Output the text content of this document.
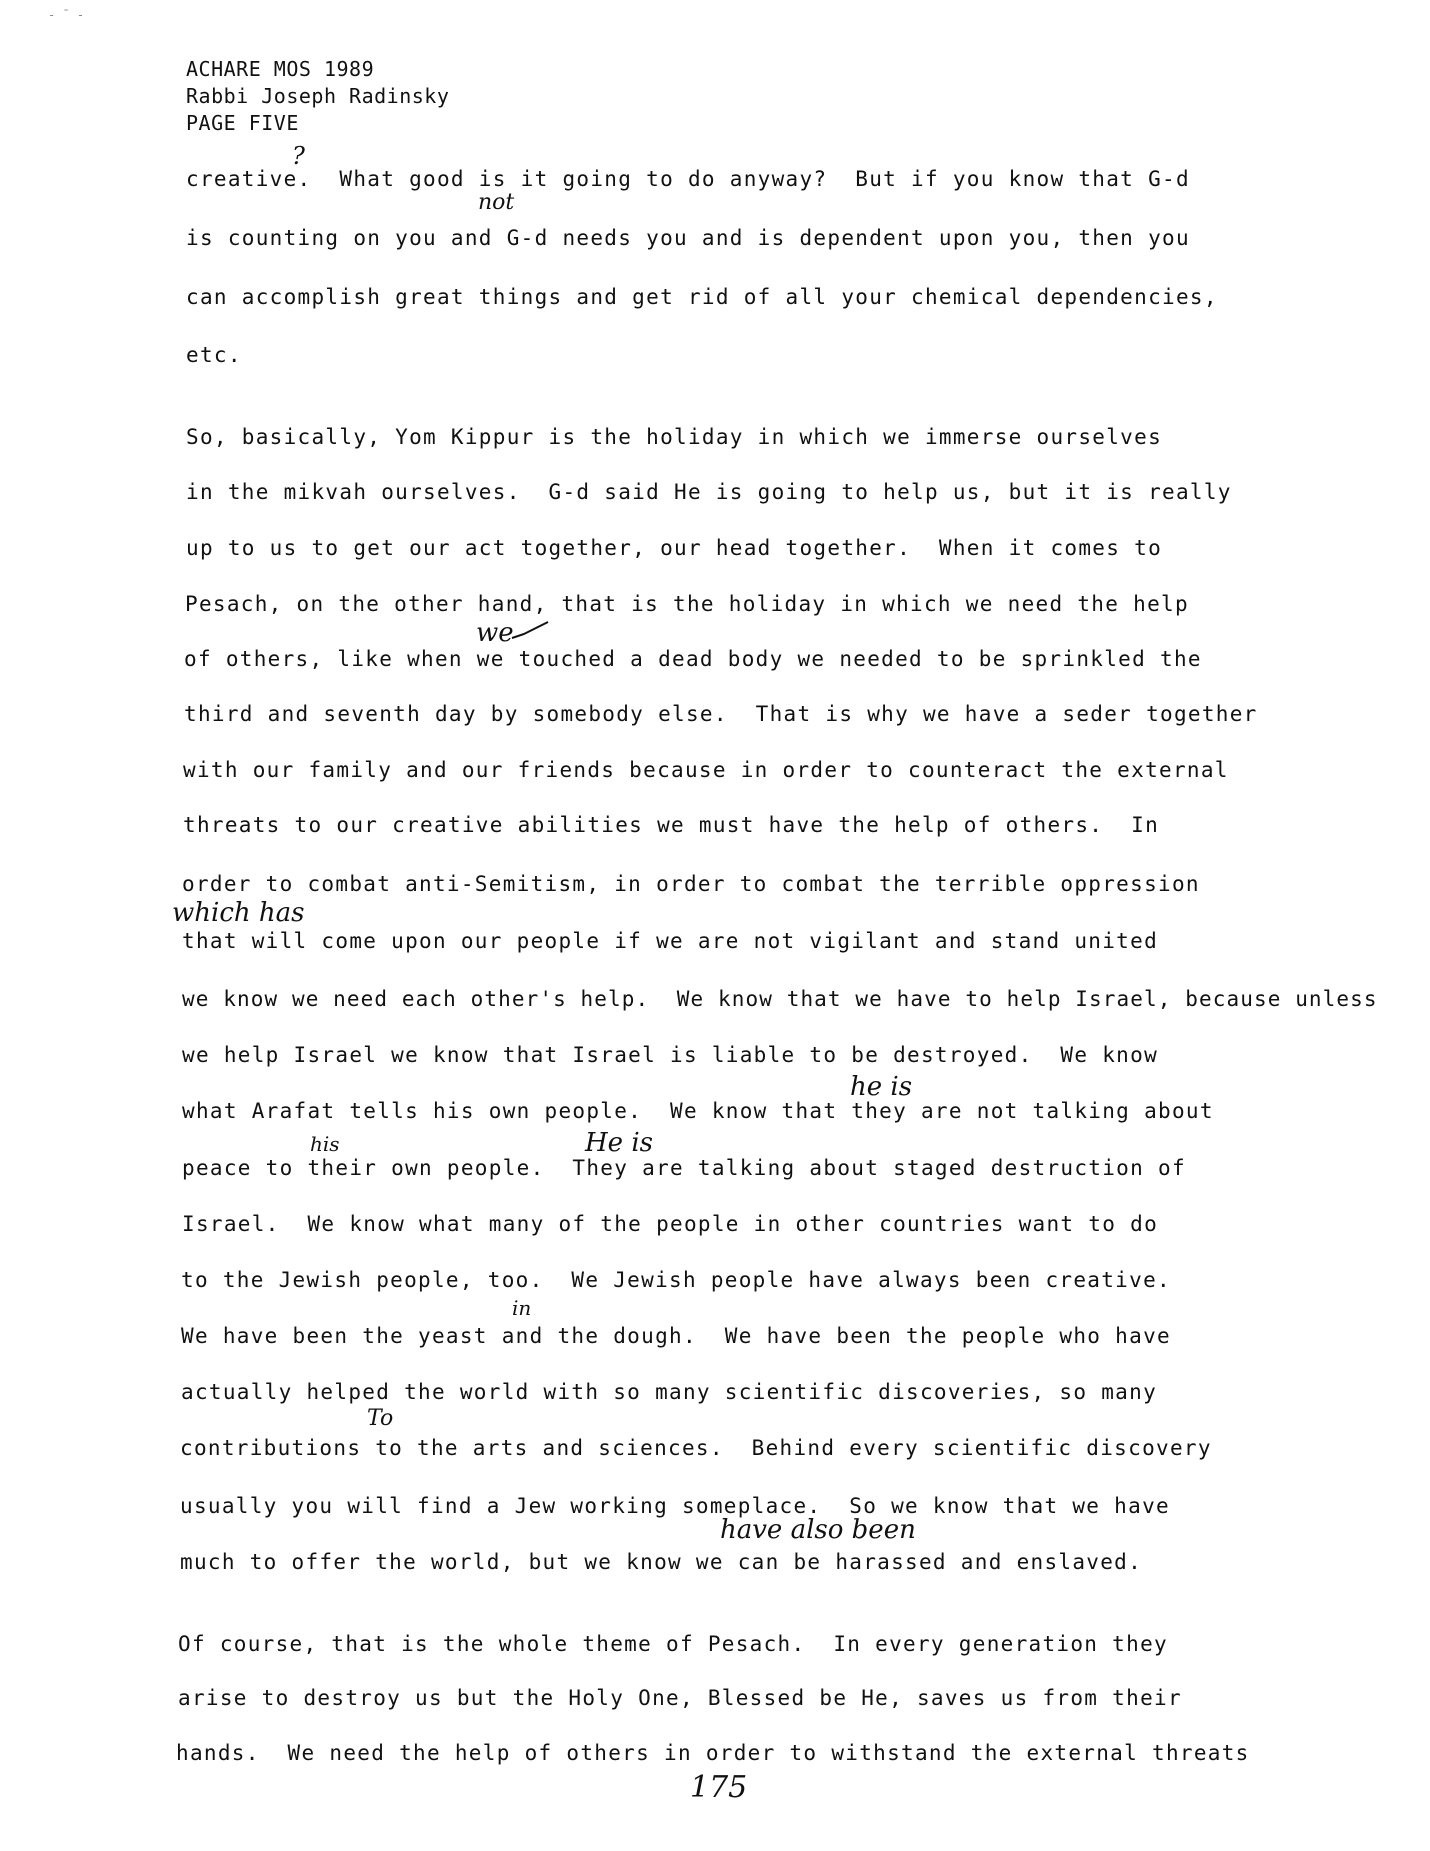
‐ ˉ ‐
ACHARE MOS 1989
Rabbi Joseph Radinsky
PAGE FIVE
creative.  What good is it going to do anyway?  But if you know that G-d
is counting on you and G-d needs you and is dependent upon you, then you
can accomplish great things and get rid of all your chemical dependencies,
etc.
So, basically, Yom Kippur is the holiday in which we immerse ourselves
in the mikvah ourselves.  G-d said He is going to help us, but it is really
up to us to get our act together, our head together.  When it comes to
Pesach, on the other hand, that is the holiday in which we need the help
of others, like when we touched a dead body we needed to be sprinkled the
third and seventh day by somebody else.  That is why we have a seder together
with our family and our friends because in order to counteract the external
threats to our creative abilities we must have the help of others.  In
order to combat anti-Semitism, in order to combat the terrible oppression
that will come upon our people if we are not vigilant and stand united
we know we need each other's help.  We know that we have to help Israel, because unless
we help Israel we know that Israel is liable to be destroyed.  We know
what Arafat tells his own people.  We know that they are not talking about
peace to their own people.  They are talking about staged destruction of
Israel.  We know what many of the people in other countries want to do
to the Jewish people, too.  We Jewish people have always been creative.
We have been the yeast and the dough.  We have been the people who have
actually helped the world with so many scientific discoveries, so many
contributions to the arts and sciences.  Behind every scientific discovery
usually you will find a Jew working someplace.  So we know that we have
much to offer the world, but we know we can be harassed and enslaved.
Of course, that is the whole theme of Pesach.  In every generation they
arise to destroy us but the Holy One, Blessed be He, saves us from their
hands.  We need the help of others in order to withstand the external threats
?
not
we
which has
he is
his	He is
in
To
have also been
175
